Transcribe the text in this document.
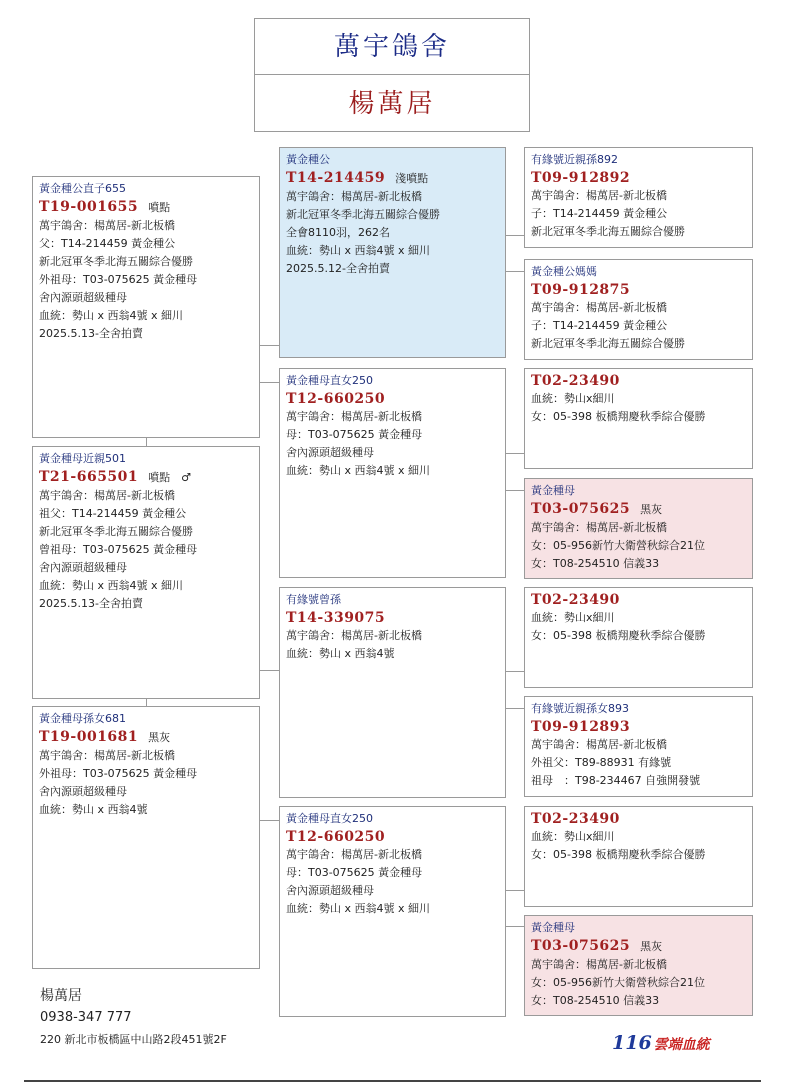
萬宇鴿舍
楊萬居
黃金種公直子655
T19-001655 噴點
萬宇鴿舍：楊萬居-新北板橋
父：T14-214459 黃金種公
新北冠軍冬季北海五關綜合優勝
外祖母：T03-075625 黃金種母
舍內源頭超級種母
血統：勢山 x 西翁4號 x 細川
2025.5.13-全舍拍賣
黃金種母近親501
T21-665501 噴點　♂
萬宇鴿舍：楊萬居-新北板橋
祖父：T14-214459 黃金種公
新北冠軍冬季北海五關綜合優勝
曾祖母：T03-075625 黃金種母
舍內源頭超級種母
血統：勢山 x 西翁4號 x 細川
2025.5.13-全舍拍賣
黃金種母孫女681
T19-001681 黑灰
萬宇鴿舍：楊萬居-新北板橋
外祖母：T03-075625 黃金種母
舍內源頭超級種母
血統：勢山 x 西翁4號
黃金種公
T14-214459 淺噴點
萬宇鴿舍：楊萬居-新北板橋
新北冠軍冬季北海五關綜合優勝
全會8110羽，262名
血統：勢山 x 西翁4號 x 細川
2025.5.12-全舍拍賣
黃金種母直女250
T12-660250
萬宇鴿舍：楊萬居-新北板橋
母：T03-075625 黃金種母
舍內源頭超級種母
血統：勢山 x 西翁4號 x 細川
有緣號曾孫
T14-339075
萬宇鴿舍：楊萬居-新北板橋
血統：勢山 x 西翁4號
黃金種母直女250
T12-660250
萬宇鴿舍：楊萬居-新北板橋
母：T03-075625 黃金種母
舍內源頭超級種母
血統：勢山 x 西翁4號 x 細川
有緣號近親孫892
T09-912892
萬宇鴿舍：楊萬居-新北板橋
子：T14-214459 黃金種公
新北冠軍冬季北海五關綜合優勝
黃金種公媽媽
T09-912875
萬宇鴿舍：楊萬居-新北板橋
子：T14-214459 黃金種公
新北冠軍冬季北海五關綜合優勝
T02-23490
血統：勢山x細川
女：05-398 板橋翔慶秋季綜合優勝
黃金種母
T03-075625 黑灰
萬宇鴿舍：楊萬居-新北板橋
女：05-956新竹大衛營秋綜合21位
女：T08-254510 信義33
T02-23490
血統：勢山x細川
女：05-398 板橋翔慶秋季綜合優勝
有緣號近親孫女893
T09-912893
萬宇鴿舍：楊萬居-新北板橋
外祖父：T89-88931 有緣號
祖母　：T98-234467 自強開發號
T02-23490
血統：勢山x細川
女：05-398 板橋翔慶秋季綜合優勝
黃金種母
T03-075625 黑灰
萬宇鴿舍：楊萬居-新北板橋
女：05-956新竹大衛營秋綜合21位
女：T08-254510 信義33
楊萬居
0938-347 777
220 新北市板橋區中山路2段451號2F	116 雲端血統
